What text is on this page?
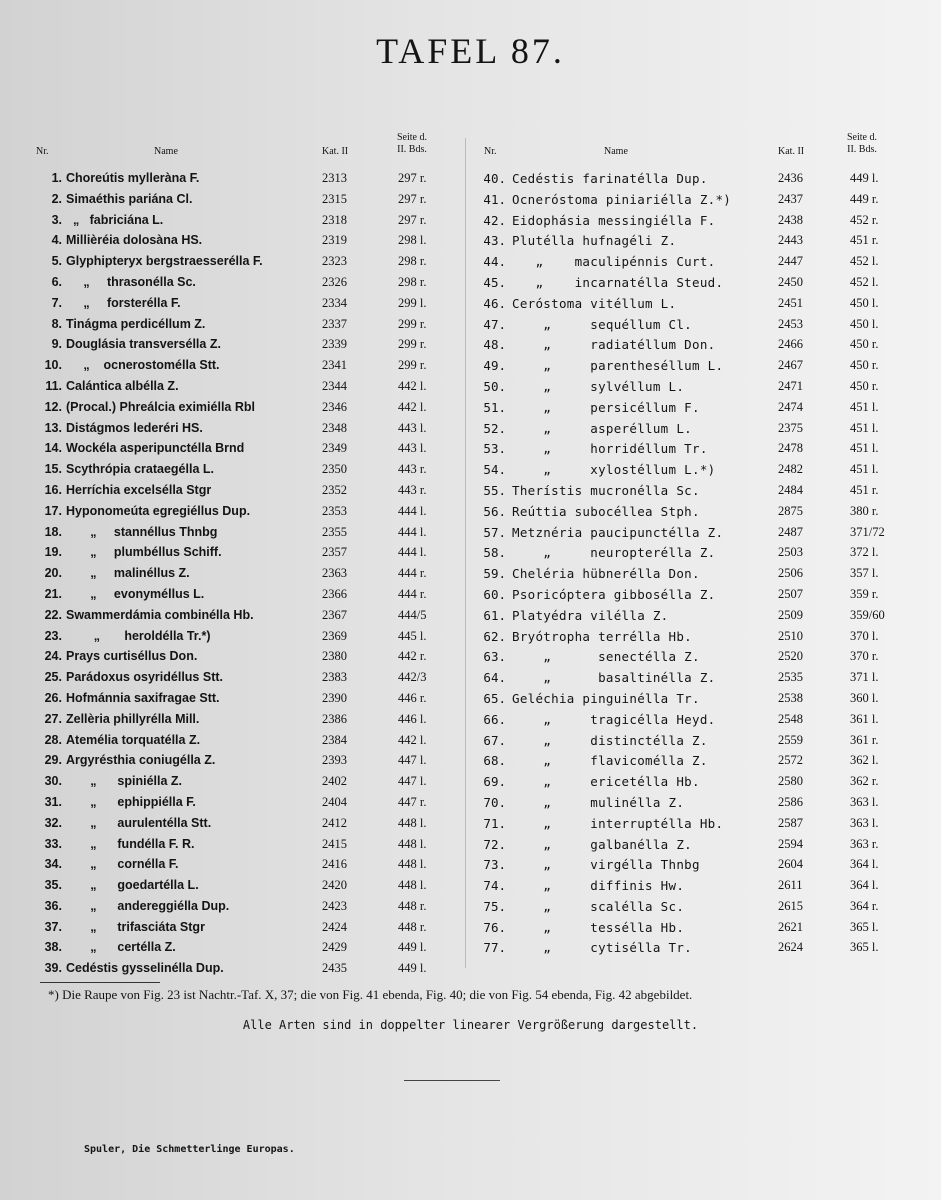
TAFEL 87.
Nr.	Name	Kat. II
Seite d.
II. Bds.
1. Choreútis mylleràna F.	2313	297 r.
2. Simaéthis pariána Cl.	2315	297 r.
3. „   fabriciána L.	2318	297 r.
4. Millièréia dolosàna HS.	2319	298 l.
5. Glyphipteryx bergstraesserélla F.	2323	298 r.
6. „     thrasonélla Sc.	2326	298 r.
7. „     forsterélla F.	2334	299 l.
8. Tinágma perdicéllum Z.	2337	299 r.
9. Douglásia transversélla Z.	2339	299 r.
10. „    ocnerostomélla Stt.	2341	299 r.
11. Calántica albélla Z.	2344	442 l.
12. (Procal.) Phreálcia eximiélla Rbl	2346	442 l.
13. Distágmos lederéri HS.	2348	443 l.
14. Wockéla asperipunctélla Brnd	2349	443 l.
15. Scythrópia crataegélla L.	2350	443 r.
16. Herríchia excelsélla Stgr	2352	443 r.
17. Hyponomeúta egregiéllus Dup.	2353	444 l.
18. „     stannéllus Thnbg	2355	444 l.
19. „     plumbéllus Schiff.	2357	444 l.
20. „     malinéllus Z.	2363	444 r.
21. „     evonyméllus L.	2366	444 r.
22. Swammerdámia combinélla Hb.	2367	444/5
23. „       heroldélla Tr.*)	2369	445 l.
24. Prays curtiséllus Don.	2380	442 r.
25. Parádoxus osyridéllus Stt.	2383	442/3
26. Hofmánnia saxifragae Stt.	2390	446 r.
27. Zellèria phillyrélla Mill.	2386	446 l.
28. Atemélia torquatélla Z.	2384	442 l.
29. Argyrésthia coniugélla Z.	2393	447 l.
30. „      spiniélla Z.	2402	447 l.
31. „      ephippiélla F.	2404	447 r.
32. „      aurulentélla Stt.	2412	448 l.
33. „      fundélla F. R.	2415	448 l.
34. „      cornélla F.	2416	448 l.
35. „      goedartélla L.	2420	448 l.
36. „      andereggiélla Dup.	2423	448 r.
37. „      trifasciáta Stgr	2424	448 r.
38. „      certélla Z.	2429	449 l.
39. Cedéstis gysselinélla Dup.	2435	449 l.
Nr.	Name	Kat. II
Seite d.
II. Bds.
40. Cedéstis farinatélla Dup.	2436	449 l.
41. Ocneróstoma piniariélla Z.*)	2437	449 r.
42. Eidophásia messingiélla F.	2438	452 r.
43. Plutélla hufnagéli Z.	2443	451 r.
44. „    maculipénnis Curt.	2447	452 l.
45. „    incarnatélla Steud.	2450	452 l.
46. Ceróstoma vitéllum L.	2451	450 l.
47. „     sequéllum Cl.	2453	450 l.
48. „     radiatéllum Don.	2466	450 r.
49. „     parentheséllum L.	2467	450 r.
50. „     sylvéllum L.	2471	450 r.
51. „     persicéllum F.	2474	451 l.
52. „     asperéllum L.	2375	451 l.
53. „     horridéllum Tr.	2478	451 l.
54. „     xylostéllum L.*)	2482	451 l.
55. Therístis mucronélla Sc.	2484	451 r.
56. Reúttia subocéllea Stph.	2875	380 r.
57. Metznéria paucipunctélla Z.	2487	371/72
58. „     neuropterélla Z.	2503	372 l.
59. Cheléria hübnerélla Don.	2506	357 l.
60. Psoricóptera gibbosélla Z.	2507	359 r.
61. Platyédra vilélla Z.	2509	359/60
62. Bryótropha terrélla Hb.	2510	370 l.
63. „      senectélla Z.	2520	370 r.
64. „      basaltinélla Z.	2535	371 l.
65. Geléchia pinguinélla Tr.	2538	360 l.
66. „     tragicélla Heyd.	2548	361 l.
67. „     distinctélla Z.	2559	361 r.
68. „     flavicomélla Z.	2572	362 l.
69. „     ericetélla Hb.	2580	362 r.
70. „     mulinélla Z.	2586	363 l.
71. „     interruptélla Hb.	2587	363 l.
72. „     galbanélla Z.	2594	363 r.
73. „     virgélla Thnbg	2604	364 l.
74. „     diffinis Hw.	2611	364 l.
75. „     scalélla Sc.	2615	364 r.
76. „     tessélla Hb.	2621	365 l.
77. „     cytisélla Tr.	2624	365 l.
*) Die Raupe von Fig. 23 ist Nachtr.-Taf. X, 37; die von Fig. 41 ebenda, Fig. 40; die von Fig. 54 ebenda, Fig. 42 abgebildet.
Alle Arten sind in doppelter linearer Vergrößerung dargestellt.
Spuler, Die Schmetterlinge Europas.
